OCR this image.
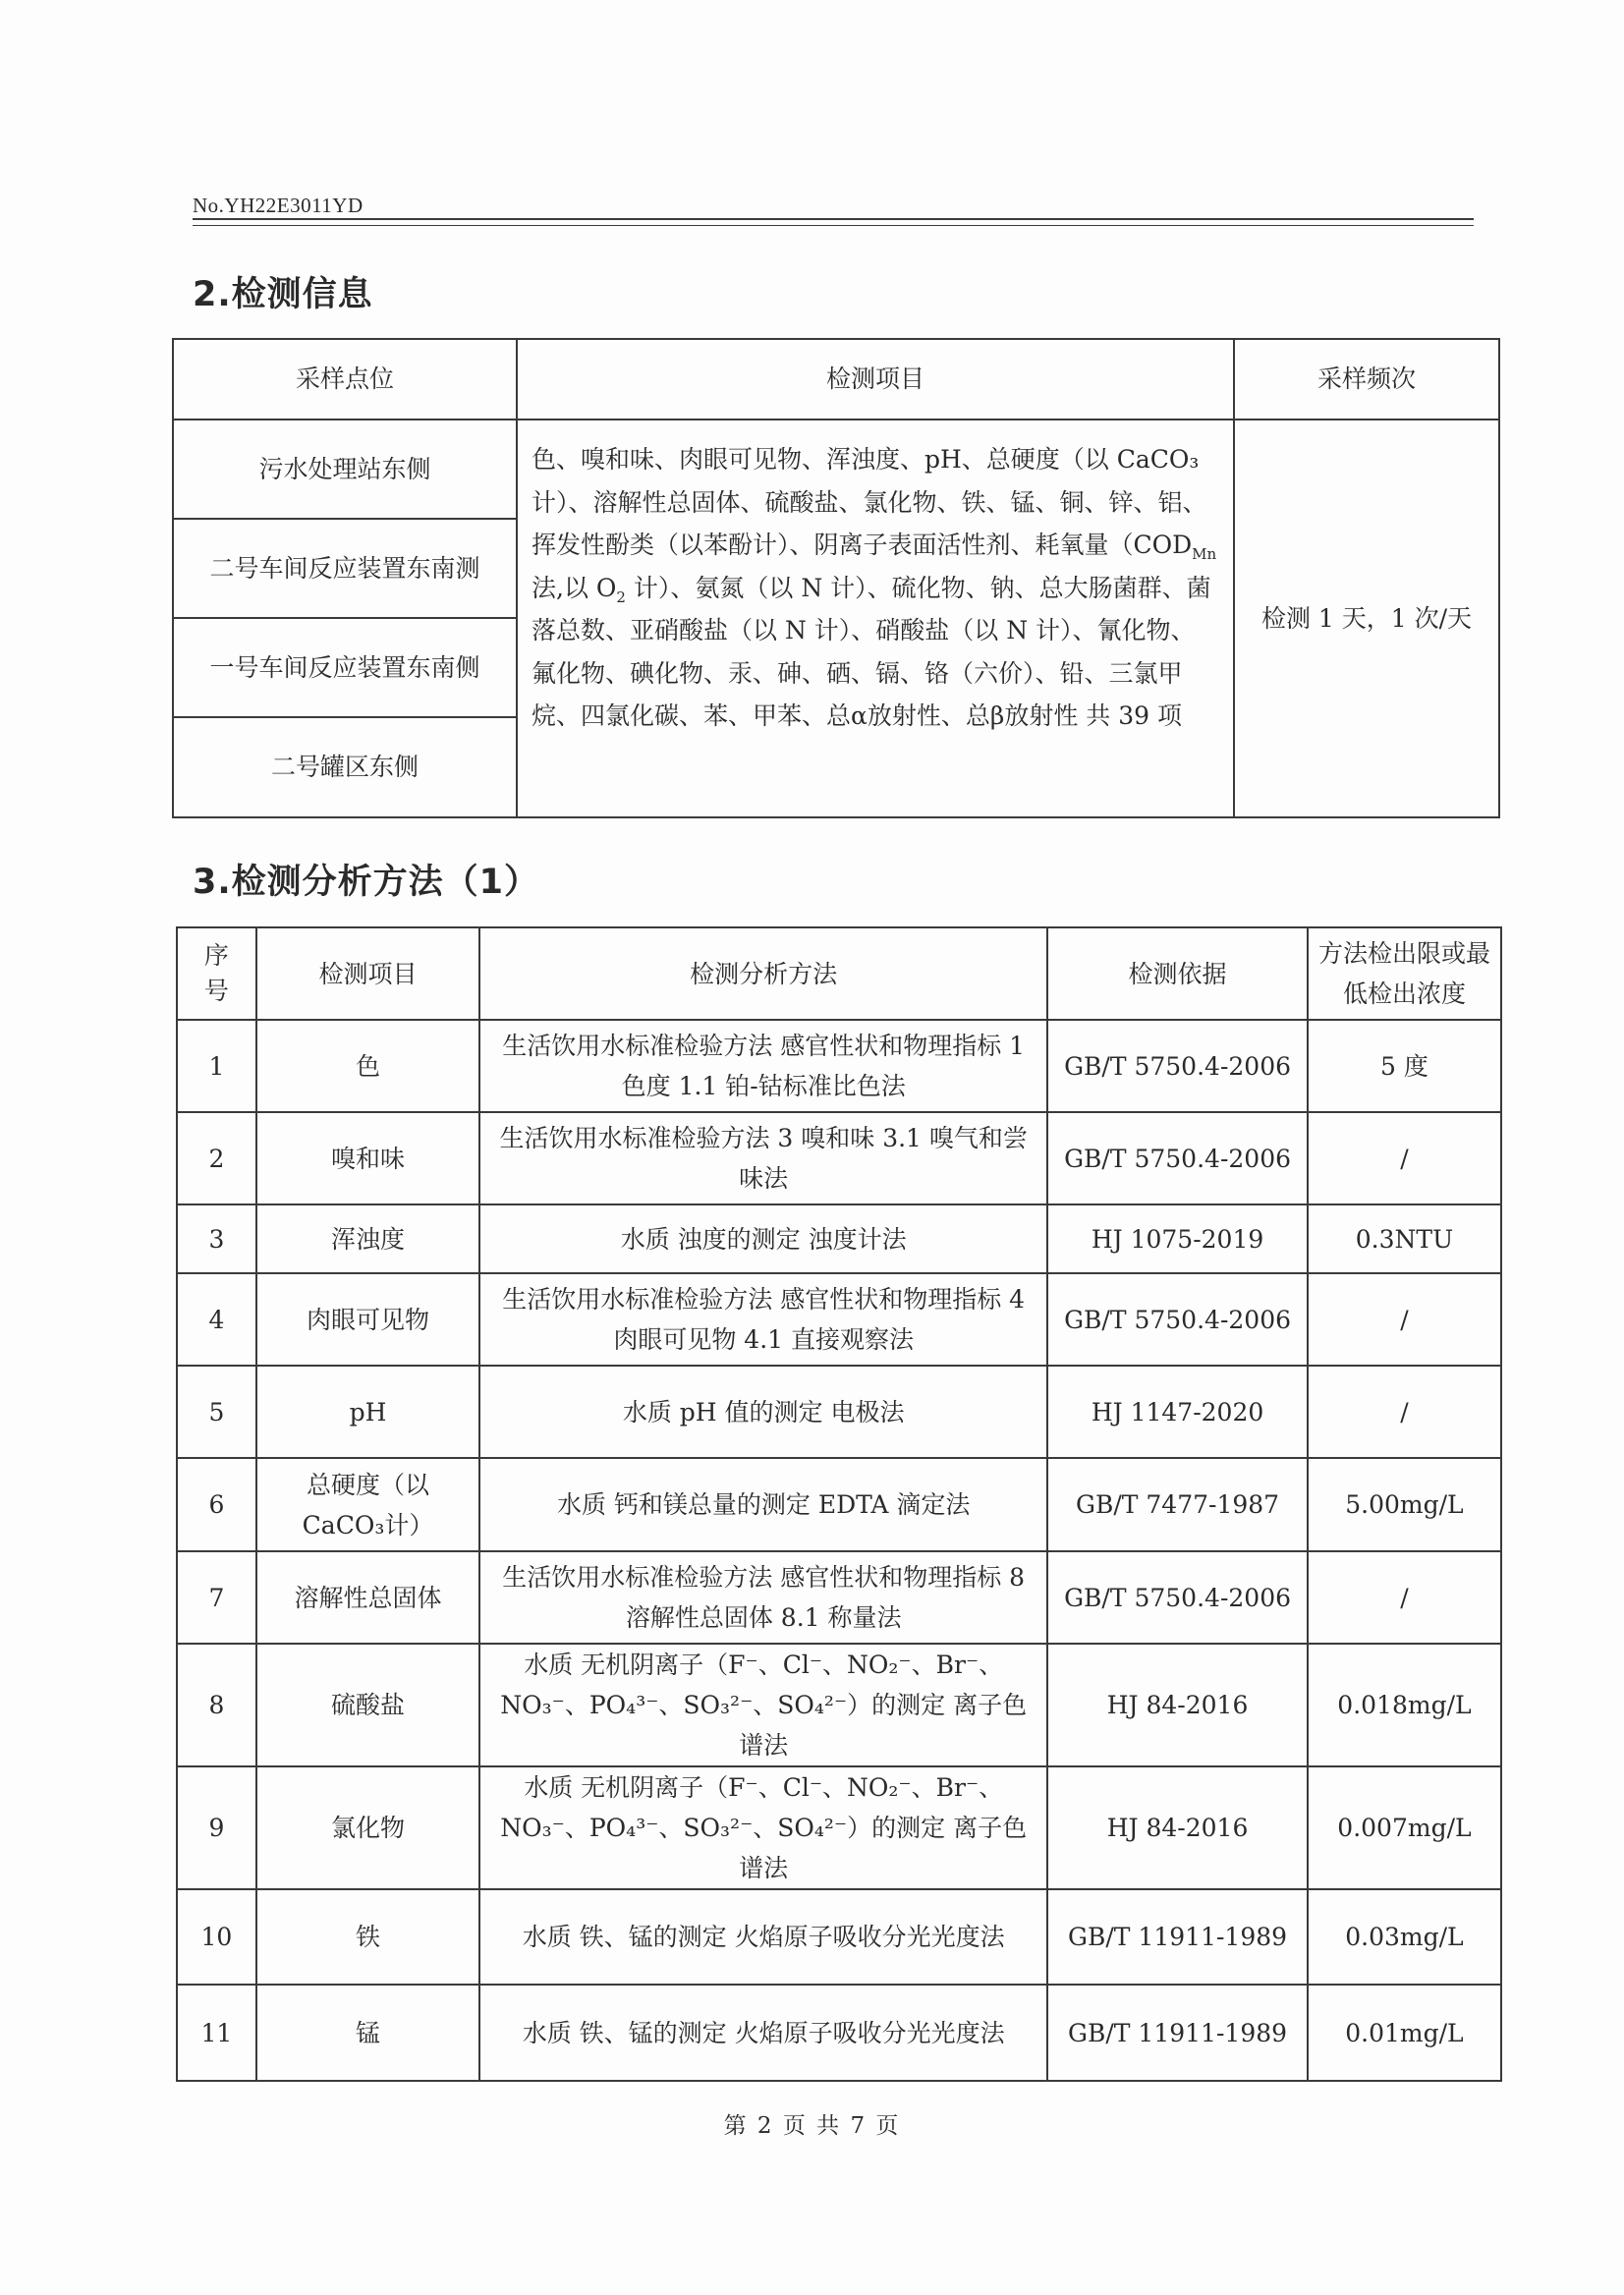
No.YH22E3011YD
2.检测信息
采样点位	检测项目	采样频次
污水处理站东侧	色、嗅和味、肉眼可见物、浑浊度、pH、总硬度（以 CaCO₃计）、溶解性总固体、硫酸盐、氯化物、铁、锰、铜、锌、铝、挥发性酚类（以苯酚计）、阴离子表面活性剂、耗氧量（$COD_{Mn}$法,以 $O_2$ 计）、氨氮（以 N 计）、硫化物、钠、总大肠菌群、菌落总数、亚硝酸盐（以 N 计）、硝酸盐（以 N 计）、氰化物、氟化物、碘化物、汞、砷、硒、镉、铬（六价）、铅、三氯甲烷、四氯化碳、苯、甲苯、总α放射性、总β放射性 共 39 项	检测 1 天，1 次/天
二号车间反应装置东南测		
一号车间反应装置东南侧		
二号罐区东侧		
3.检测分析方法（1）
序号	检测项目	检测分析方法	检测依据	方法检出限或最低检出浓度

1	色	生活饮用水标准检验方法 感官性状和物理指标 1 色度 1.1 铂-钴标准比色法	GB/T 5750.4-2006	5 度
2	嗅和味	生活饮用水标准检验方法 3 嗅和味 3.1 嗅气和尝味法	GB/T 5750.4-2006	/
3	浑浊度	水质 浊度的测定 浊度计法	HJ 1075-2019	0.3NTU
4	肉眼可见物	生活饮用水标准检验方法 感官性状和物理指标 4 肉眼可见物 4.1 直接观察法	GB/T 5750.4-2006	/
5	pH	水质 pH 值的测定 电极法	HJ 1147-2020	/
6	总硬度（以 CaCO₃计）	水质 钙和镁总量的测定 EDTA 滴定法	GB/T 7477-1987	5.00mg/L
7	溶解性总固体	生活饮用水标准检验方法 感官性状和物理指标 8 溶解性总固体 8.1 称量法	GB/T 5750.4-2006	/
8	硫酸盐	水质 无机阴离子（F⁻、Cl⁻、NO₂⁻、Br⁻、NO₃⁻、PO₄³⁻、SO₃²⁻、SO₄²⁻）的测定 离子色谱法	HJ 84-2016	0.018mg/L
9	氯化物	水质 无机阴离子（F⁻、Cl⁻、NO₂⁻、Br⁻、NO₃⁻、PO₄³⁻、SO₃²⁻、SO₄²⁻）的测定 离子色谱法	HJ 84-2016	0.007mg/L
10	铁	水质 铁、锰的测定 火焰原子吸收分光光度法	GB/T 11911-1989	0.03mg/L
11	锰	水质 铁、锰的测定 火焰原子吸收分光光度法	GB/T 11911-1989	0.01mg/L
第 2 页 共 7 页
